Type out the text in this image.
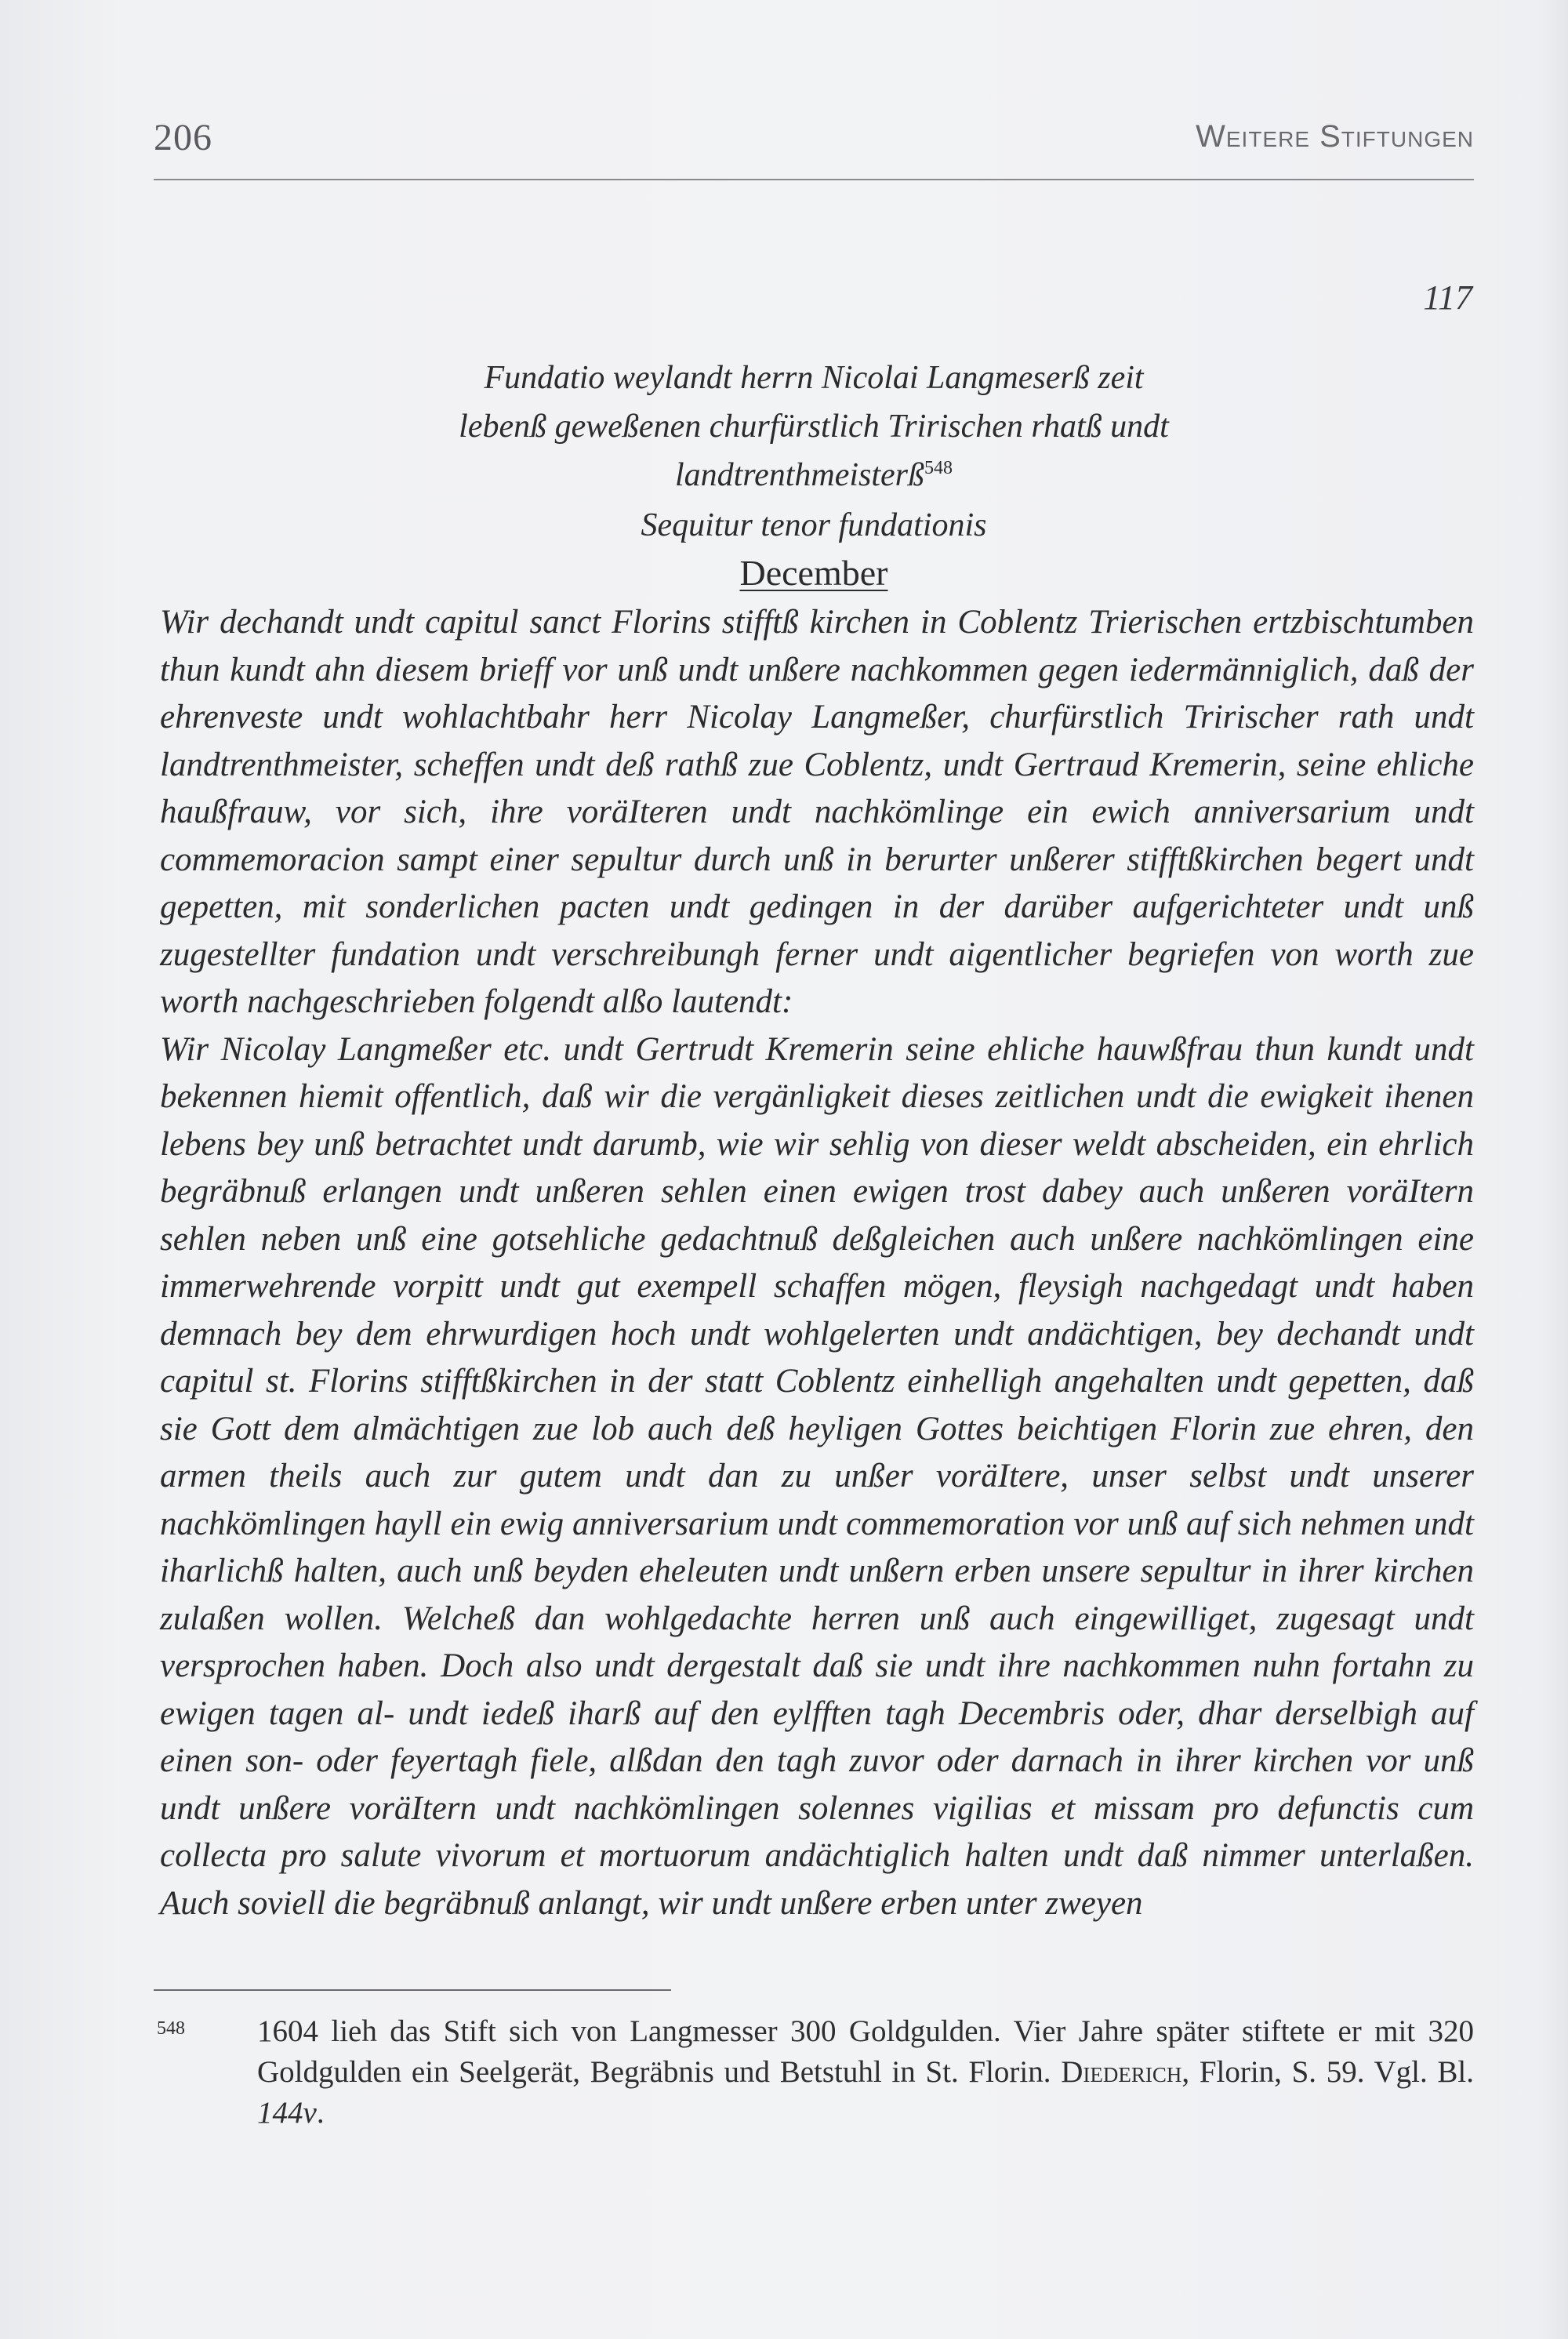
206	Weitere Stiftungen
117
Fundatio weylandt herrn Nicolai Langmeserß zeit
lebenß geweßenen churfürstlich Tririschen rhatß undt
landtrenthmeisterß$^{548}$
Sequitur tenor fundationis
December

Wir dechandt undt capitul sanct Florins stifftß kirchen in Coblentz Trierischen ertzbischtumben thun kundt ahn diesem brieff vor unß undt unßere nachkommen gegen iedermänniglich, daß der ehrenveste undt wohlachtbahr herr Nicolay Langmeßer, churfürstlich Tririscher rath undt landtrenthmeister, scheffen undt deß rathß zue Coblentz, undt Gertraud Kremerin, seine ehliche haußfrauw, vor sich, ihre voräIteren undt nachkömlinge ein ewich anniversarium undt commemoracion sampt einer sepultur durch unß in berurter unßerer stifftßkirchen begert undt gepetten, mit sonderlichen pacten undt gedingen in der darüber aufgerichteter undt unß zugestellter fundation undt verschreibungh ferner undt aigentlicher begriefen von worth zue worth nachgeschrieben folgendt alßo lautendt:

Wir Nicolay Langmeßer etc. undt Gertrudt Kremerin seine ehliche hauwßfrau thun kundt undt bekennen hiemit offentlich, daß wir die vergänligkeit dieses zeitlichen undt die ewigkeit ihenen lebens bey unß betrachtet undt darumb, wie wir sehlig von dieser weldt abscheiden, ein ehrlich begräbnuß erlangen undt unßeren sehlen einen ewigen trost dabey auch unßeren voräItern sehlen neben unß eine gotsehliche gedachtnuß deßgleichen auch unßere nachkömlingen eine immerwehrende vorpitt undt gut exempell schaffen mögen, fleysigh nachgedagt undt haben demnach bey dem ehrwurdigen hoch undt wohlgelerten undt andächtigen, bey dechandt undt capitul st. Florins stifftßkirchen in der statt Coblentz einhelligh angehalten undt gepetten, daß sie Gott dem almächtigen zue lob auch deß heyligen Gottes beichtigen Florin zue ehren, den armen theils auch zur gutem undt dan zu unßer voräItere, unser selbst undt unserer nachkömlingen hayll ein ewig anniversarium undt commemoration vor unß auf sich nehmen undt iharlichß halten, auch unß beyden eheleuten undt unßern erben unsere sepultur in ihrer kirchen zulaßen wollen. Welcheß dan wohlgedachte herren unß auch eingewilliget, zugesagt undt versprochen haben. Doch also undt dergestalt daß sie undt ihre nachkommen nuhn fortahn zu ewigen tagen al- undt iedeß iharß auf den eylfften tagh Decembris oder, dhar derselbigh auf einen son- oder feyertagh fiele, alßdan den tagh zuvor oder darnach in ihrer kirchen vor unß undt unßere voräItern undt nachkömlingen solennes vigilias et missam pro defunctis cum collecta pro salute vivorum et mortuorum andächtiglich halten undt daß nimmer unterlaßen. Auch soviell die begräbnuß anlangt, wir undt unßere erben unter zweyen

548 1604 lieh das Stift sich von Langmesser 300 Goldgulden. Vier Jahre später stiftete er mit 320 Goldgulden ein Seelgerät, Begräbnis und Betstuhl in St. Florin. Diederich, Florin, S. 59. Vgl. Bl. 144v.
